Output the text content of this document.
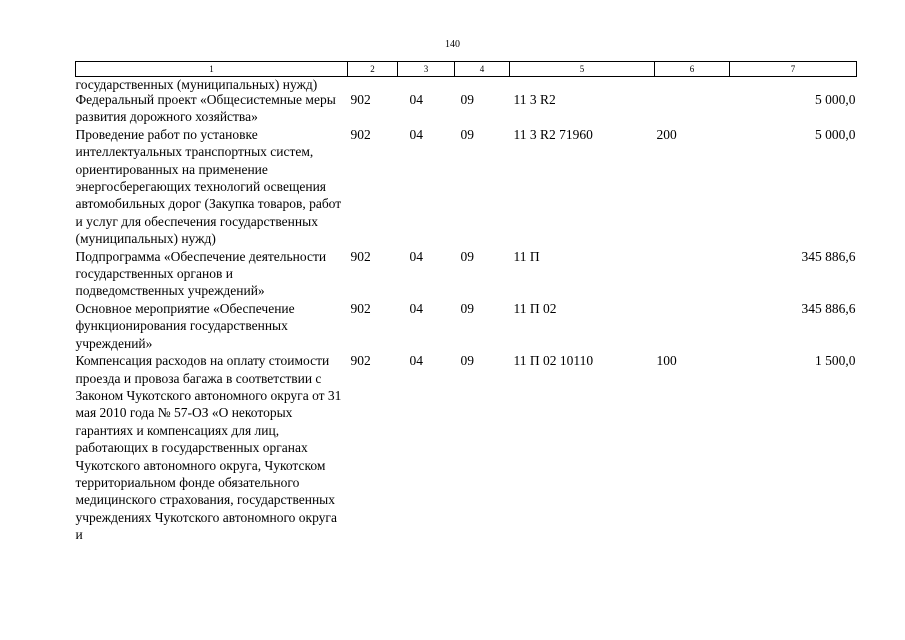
140
1	2	3	4	5	6	7
государственных (муниципальных) нужд)						
Федеральный проект «Общесистемные меры развития дорожного хозяйства»	902	04	09	11 3 R2		5 000,0
Проведение работ по установке интеллектуальных транспортных систем, ориентированных на применение энергосберегающих технологий освещения автомобильных дорог (Закупка товаров, работ и услуг для обеспечения государственных (муниципальных) нужд)	902	04	09	11 3 R2 71960	200	5 000,0
Подпрограмма «Обеспечение деятельности государственных органов и подведомственных учреждений»	902	04	09	11 П		345 886,6
Основное мероприятие «Обеспечение функционирования государственных учреждений»	902	04	09	11 П 02		345 886,6
Компенсация расходов на оплату стоимости проезда и провоза багажа в соответствии с Законом Чукотского автономного округа от 31 мая 2010 года № 57-ОЗ «О некоторых гарантиях и компенсациях для лиц, работающих в государственных органах Чукотского автономного округа, Чукотском территориальном фонде обязательного медицинского страхования, государственных учреждениях Чукотского автономного округа и	902	04	09	11 П 02 10110	100	1 500,0
